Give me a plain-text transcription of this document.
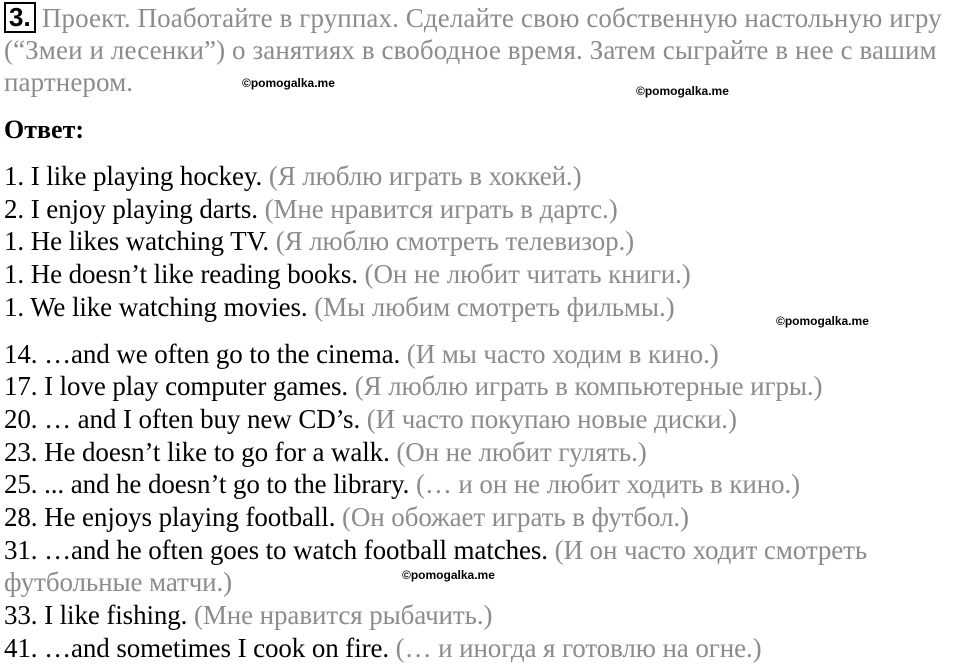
3. Проект. Поаботайте в группах. Сделайте свою собственную настольную игру (“Змеи и лесенки”) о занятиях в свободное время. Затем сыграйте в нее с вашим партнером.
Ответ:
1. I like playing hockey. (Я люблю играть в хоккей.)
2. I enjoy playing darts. (Мне нравится играть в дартс.)
1. He likes watching TV. (Я люблю смотреть телевизор.)
1. He doesn’t like reading books. (Он не любит читать книги.)
1. We like watching movies. (Мы любим смотреть фильмы.)
14. …and we often go to the cinema. (И мы часто ходим в кино.)
17. I love play computer games. (Я люблю играть в компьютерные игры.)
20. … and I often buy new CD’s. (И часто покупаю новые диски.)
23. He doesn’t like to go for a walk. (Он не любит гулять.)
25. ... and he doesn’t go to the library. (… и он не любит ходить в кино.)
28. He enjoys playing football. (Он обожает играть в футбол.)
31. …and he often goes to watch football matches. (И он часто ходит смотреть футбольные матчи.)
33. I like fishing. (Мне нравится рыбачить.)
41. …and sometimes I cook on fire. (… и иногда я готовлю на огне.)
©pomogalka.me
©pomogalka.me
©pomogalka.me
©pomogalka.me
